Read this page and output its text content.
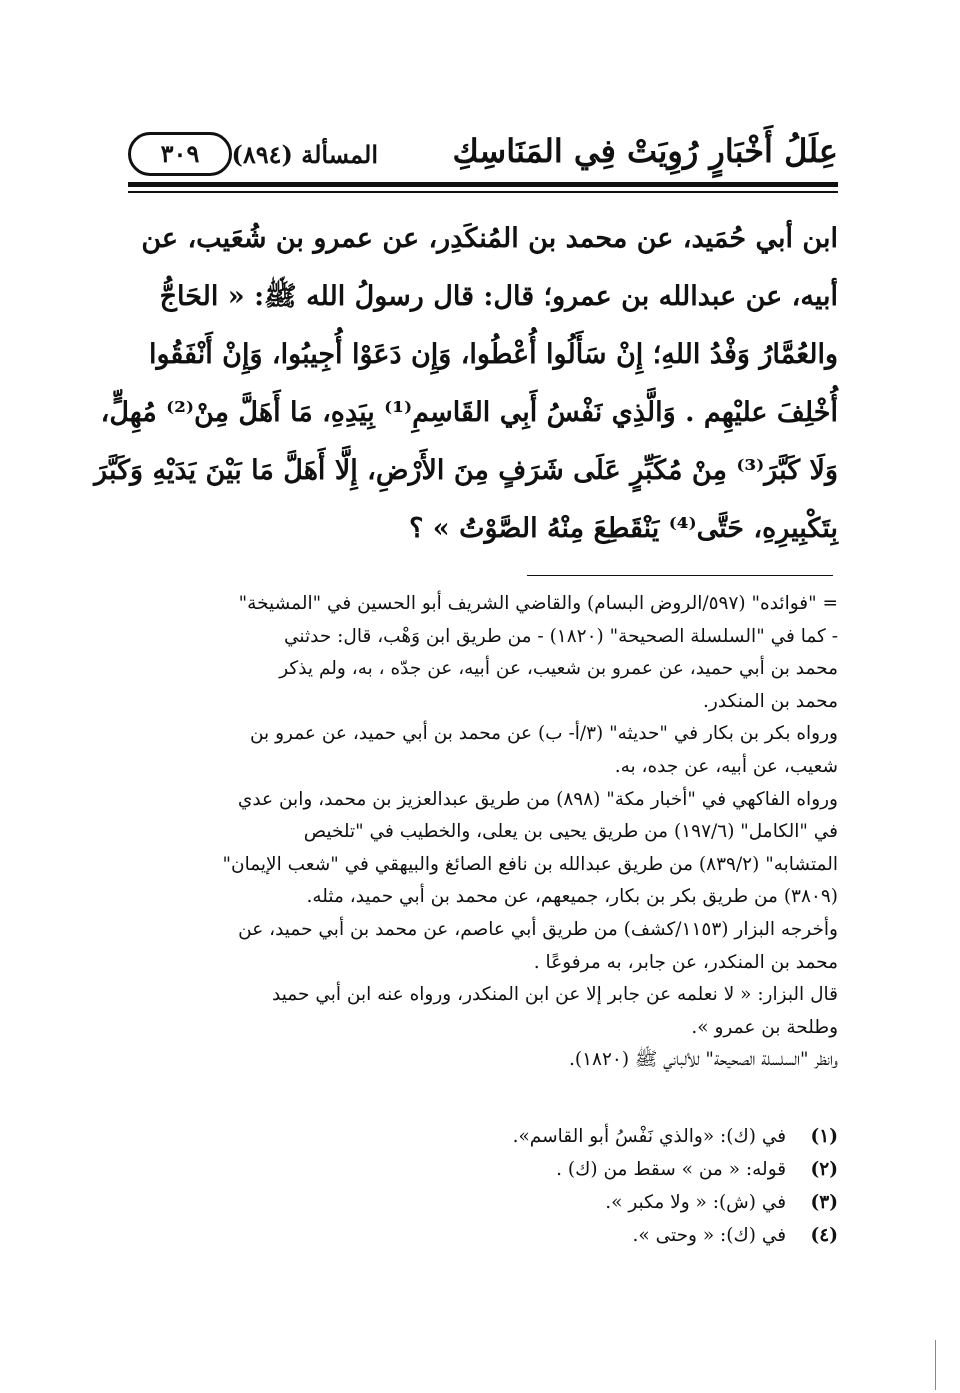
عِلَلُ أَخْبَارٍ رُوِيَتْ فِي المَنَاسِكِ
المسألة (٨٩٤)
٣٠٩

ابن أبي حُمَيد، عن محمد بن المُنكَدِر، عن عمرو بن شُعَيب، عن

أبيه، عن عبدالله بن عمرو؛ قال: قال رسولُ الله ﷺ: « الحَاجُّ

والعُمَّارُ وَفْدُ اللهِ؛ إِنْ سَأَلُوا أُعْطُوا، وَإِن دَعَوْا أُجِيبُوا، وَإِنْ أَنْفَقُوا

أُخْلِفَ عليْهِم . وَالَّذِي نَفْسُ أَبِي القَاسِمِ⁽¹⁾ بِيَدِهِ، مَا أَهَلَّ مِنْ⁽²⁾ مُهِلٍّ،

وَلَا كَبَّرَ⁽³⁾ مِنْ مُكَبِّرٍ عَلَى شَرَفٍ مِنَ الأَرْضِ، إِلَّا أَهَلَّ مَا بَيْنَ يَدَيْهِ وَكَبَّرَ

بِتَكْبِيرِهِ، حَتَّى⁽⁴⁾ يَنْقَطِعَ مِنْهُ الصَّوْتُ » ؟

= "فوائده" (٥٩٧/الروض البسام) والقاضي الشريف أبو الحسين في "المشيخة"

- كما في "السلسلة الصحيحة" (١٨٢٠) - من طريق ابن وَهْب، قال: حدثني

محمد بن أبي حميد، عن عمرو بن شعيب، عن أبيه، عن جدّه ، به، ولم يذكر

محمد بن المنكدر.

ورواه بكر بن بكار في "حديثه" (٣/أ- ب) عن محمد بن أبي حميد، عن عمرو بن

شعيب، عن أبيه، عن جده، به.

ورواه الفاكهي في "أخبار مكة" (٨٩٨) من طريق عبدالعزيز بن محمد، وابن عدي

في "الكامل" (١٩٧/٦) من طريق يحيى بن يعلى، والخطيب في "تلخيص

المتشابه" (٨٣٩/٢) من طريق عبدالله بن نافع الصائغ والبيهقي في "شعب الإيمان"

(٣٨٠٩) من طريق بكر بن بكار، جميعهم، عن محمد بن أبي حميد، مثله.

وأخرجه البزار (١١٥٣/كشف) من طريق أبي عاصم، عن محمد بن أبي حميد، عن

محمد بن المنكدر، عن جابر، به مرفوعًا .

قال البزار: « لا نعلمه عن جابر إلا عن ابن المنكدر، ورواه عنه ابن أبي حميد

وطلحة بن عمرو ».

وانظر "السلسلة الصحيحة" للألباني ﷺ (١٨٢٠).

(١) في (ك): «والذي نَفْسُ أبو القاسم».

(٢) قوله: « من » سقط من (ك) .

(٣) في (ش): « ولا مكبر ».

(٤) في (ك): « وحتى ».
